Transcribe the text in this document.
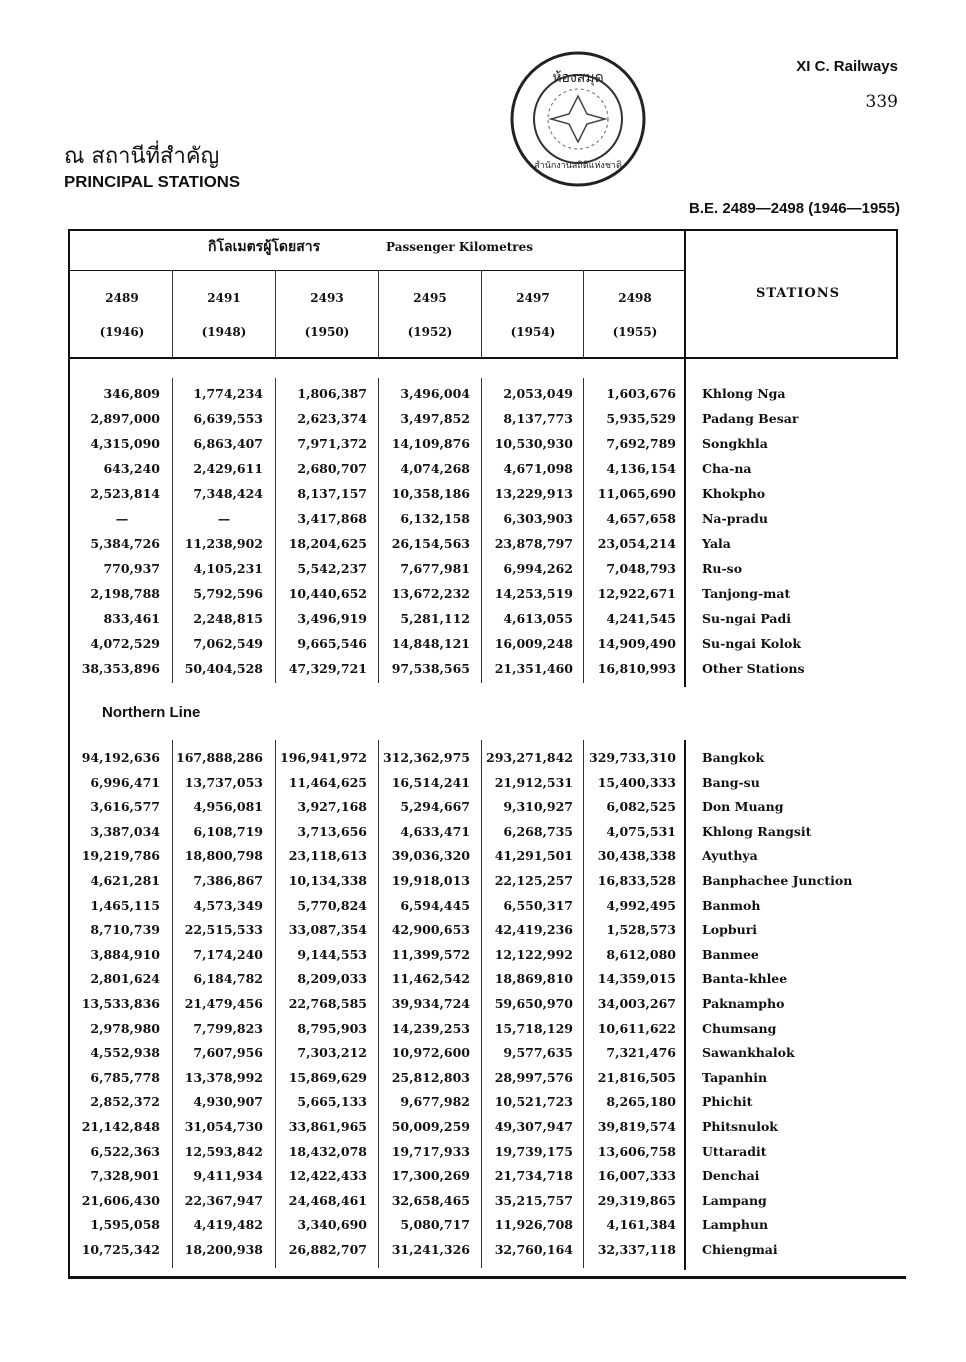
XI C. Railways
339
ณ สถานีที่สำคัญ
PRINCIPAL STATIONS
B.E. 2489—2498 (1946—1955)
ห้องสมุด
สำนักงานสถิติแห่งชาติ
กิโลเมตรผู้โดยสาร	Passenger Kilometres
STATIONS
2489
(1946)
2491
(1948)
2493
(1950)
2495
(1952)
2497
(1954)
2498
(1955)
346,809	1,774,234	1,806,387	3,496,004	2,053,049	1,603,676 Khlong Nga
2,897,000	6,639,553	2,623,374	3,497,852	8,137,773	5,935,529 Padang Besar
4,315,090	6,863,407	7,971,372	14,109,876	10,530,930	7,692,789 Songkhla
643,240	2,429,611	2,680,707	4,074,268	4,671,098	4,136,154 Cha-na
2,523,814	7,348,424	8,137,157	10,358,186	13,229,913	11,065,690 Khokpho
—	—	3,417,868	6,132,158	6,303,903	4,657,658 Na-pradu
5,384,726	11,238,902	18,204,625	26,154,563	23,878,797	23,054,214 Yala
770,937	4,105,231	5,542,237	7,677,981	6,994,262	7,048,793 Ru-so
2,198,788	5,792,596	10,440,652	13,672,232	14,253,519	12,922,671 Tanjong-mat
833,461	2,248,815	3,496,919	5,281,112	4,613,055	4,241,545 Su-ngai Padi
4,072,529	7,062,549	9,665,546	14,848,121	16,009,248	14,909,490 Su-ngai Kolok
38,353,896	50,404,528	47,329,721	97,538,565	21,351,460	16,810,993 Other Stations
Northern Line
94,192,636	167,888,286	196,941,972	312,362,975	293,271,842	329,733,310 Bangkok
6,996,471	13,737,053	11,464,625	16,514,241	21,912,531	15,400,333 Bang-su
3,616,577	4,956,081	3,927,168	5,294,667	9,310,927	6,082,525 Don Muang
3,387,034	6,108,719	3,713,656	4,633,471	6,268,735	4,075,531 Khlong Rangsit
19,219,786	18,800,798	23,118,613	39,036,320	41,291,501	30,438,338 Ayuthya
4,621,281	7,386,867	10,134,338	19,918,013	22,125,257	16,833,528 Banphachee Junction
1,465,115	4,573,349	5,770,824	6,594,445	6,550,317	4,992,495 Banmoh
8,710,739	22,515,533	33,087,354	42,900,653	42,419,236	1,528,573 Lopburi
3,884,910	7,174,240	9,144,553	11,399,572	12,122,992	8,612,080 Banmee
2,801,624	6,184,782	8,209,033	11,462,542	18,869,810	14,359,015 Banta-khlee
13,533,836	21,479,456	22,768,585	39,934,724	59,650,970	34,003,267 Paknampho
2,978,980	7,799,823	8,795,903	14,239,253	15,718,129	10,611,622 Chumsang
4,552,938	7,607,956	7,303,212	10,972,600	9,577,635	7,321,476 Sawankhalok
6,785,778	13,378,992	15,869,629	25,812,803	28,997,576	21,816,505 Tapanhin
2,852,372	4,930,907	5,665,133	9,677,982	10,521,723	8,265,180 Phichit
21,142,848	31,054,730	33,861,965	50,009,259	49,307,947	39,819,574 Phitsnulok
6,522,363	12,593,842	18,432,078	19,717,933	19,739,175	13,606,758 Uttaradit
7,328,901	9,411,934	12,422,433	17,300,269	21,734,718	16,007,333 Denchai
21,606,430	22,367,947	24,468,461	32,658,465	35,215,757	29,319,865 Lampang
1,595,058	4,419,482	3,340,690	5,080,717	11,926,708	4,161,384 Lamphun
10,725,342	18,200,938	26,882,707	31,241,326	32,760,164	32,337,118 Chiengmai
